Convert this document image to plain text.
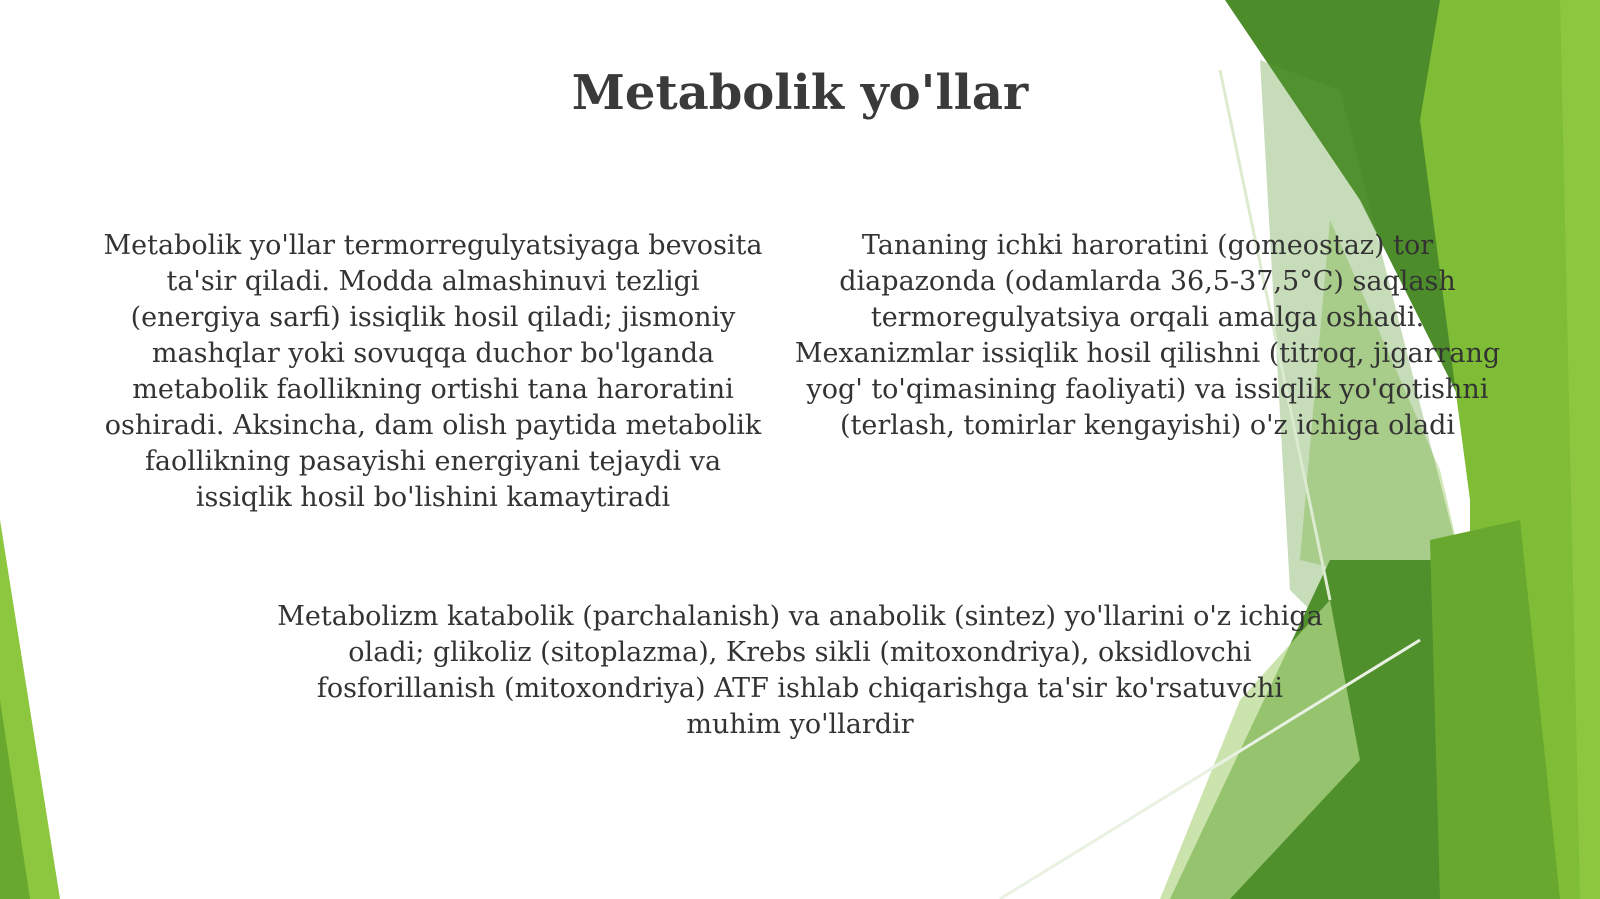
Metabolik yo'llar

Metabolik yo'llar termorregulyatsiyaga bevosita ta'sir qiladi. Modda almashinuvi tezligi (energiya sarfi) issiqlik hosil qiladi; jismoniy mashqlar yoki sovuqqa duchor bo'lganda metabolik faollikning ortishi tana haroratini oshiradi. Aksincha, dam olish paytida metabolik faollikning pasayishi energiyani tejaydi va issiqlik hosil bo'lishini kamaytiradi

Tananing ichki haroratini (gomeostaz) tor diapazonda (odamlarda 36,5-37,5°C) saqlash termoregulyatsiya orqali amalga oshadi. Mexanizmlar issiqlik hosil qilishni (titroq, jigarrang yog' to'qimasining faoliyati) va issiqlik yo'qotishni (terlash, tomirlar kengayishi) o'z ichiga oladi

Metabolizm katabolik (parchalanish) va anabolik (sintez) yo'llarini o'z ichiga oladi; glikoliz (sitoplazma), Krebs sikli (mitoxondriya), oksidlovchi fosforillanish (mitoxondriya) ATF ishlab chiqarishga ta'sir ko'rsatuvchi muhim yo'llardir
